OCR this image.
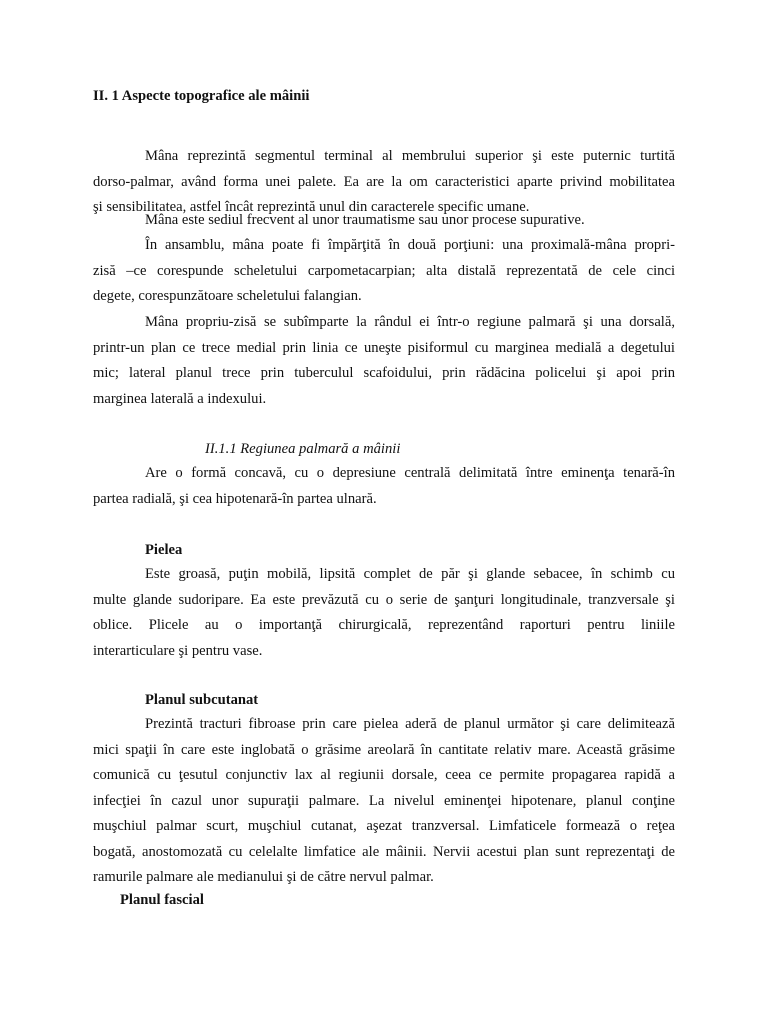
II. 1 Aspecte topografice ale mâinii
Mâna reprezintă segmentul terminal al membrului superior şi este puternic turtită
dorso-palmar, având forma unei palete. Ea are la om caracteristici aparte privind mobilitatea
şi sensibilitatea, astfel încât reprezintă unul din caracterele specific umane.
Mâna este sediul frecvent al unor traumatisme sau unor procese supurative.
În ansamblu, mâna poate fi împărţită în două porţiuni: una proximală-mâna propri-
zisă –ce corespunde scheletului carpometacarpian; alta distală reprezentată de cele cinci
degete, corespunzătoare scheletului falangian.
Mâna propriu-zisă se subîmparte la rândul ei într-o regiune palmară şi una dorsală,
printr-un plan ce trece medial prin linia ce uneşte pisiformul cu marginea medială a degetului
mic; lateral planul trece prin tuberculul scafoidului, prin rădăcina policelui şi apoi prin
marginea laterală a indexului.
II.1.1 Regiunea palmară a mâinii
Are o formă concavă, cu o depresiune centrală delimitată între eminenţa tenară-în
partea radială, şi cea hipotenară-în partea ulnară.
Pielea
Este groasă, puţin mobilă, lipsită complet de păr şi glande sebacee, în schimb cu
multe glande sudoripare. Ea este prevăzută cu o serie de şanţuri longitudinale, tranzversale şi
oblice. Plicele au o importanţă chirurgicală, reprezentând raporturi pentru liniile
interarticulare şi pentru vase.
Planul subcutanat
Prezintă tracturi fibroase prin care pielea aderă de planul următor şi care delimitează
mici spaţii în care este inglobată o grăsime areolară în cantitate relativ mare. Această grăsime
comunică cu ţesutul conjunctiv lax al regiunii dorsale, ceea ce permite propagarea rapidă a
infecţiei în cazul unor supuraţii palmare. La nivelul eminenţei hipotenare, planul conţine
muşchiul palmar scurt, muşchiul cutanat, aşezat tranzversal. Limfaticele formează o reţea
bogată, anostomozată cu celelalte limfatice ale mâinii. Nervii acestui plan sunt reprezentaţi de
ramurile palmare ale medianului şi de către nervul palmar.
Planul fascial
